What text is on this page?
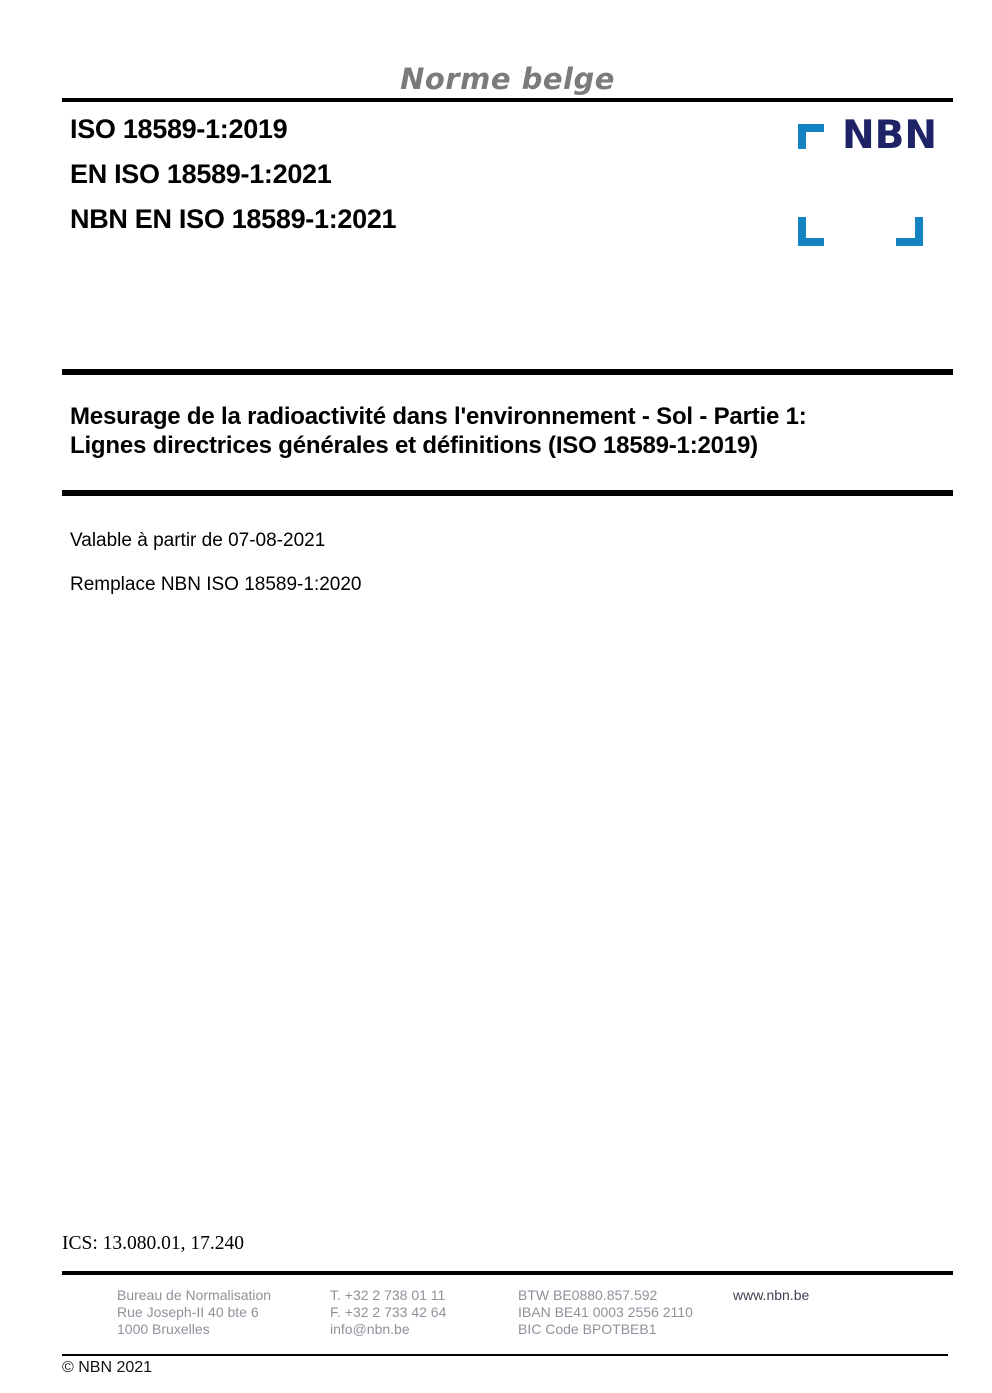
Norme belge
ISO 18589-1:2019
EN ISO 18589-1:2021
NBN EN ISO 18589-1:2021
NBN
Mesurage de la radioactivité dans l'environnement - Sol - Partie 1:
Lignes directrices générales et définitions (ISO 18589-1:2019)
Valable à partir de 07-08-2021
Remplace NBN ISO 18589-1:2020
ICS: 13.080.01, 17.240
Bureau de Normalisation
Rue Joseph-II 40 bte 6
1000 Bruxelles
T. +32 2 738 01 11
F. +32 2 733 42 64
info@nbn.be
BTW BE0880.857.592
IBAN BE41 0003 2556 2110
BIC Code BPOTBEB1
www.nbn.be
© NBN 2021
